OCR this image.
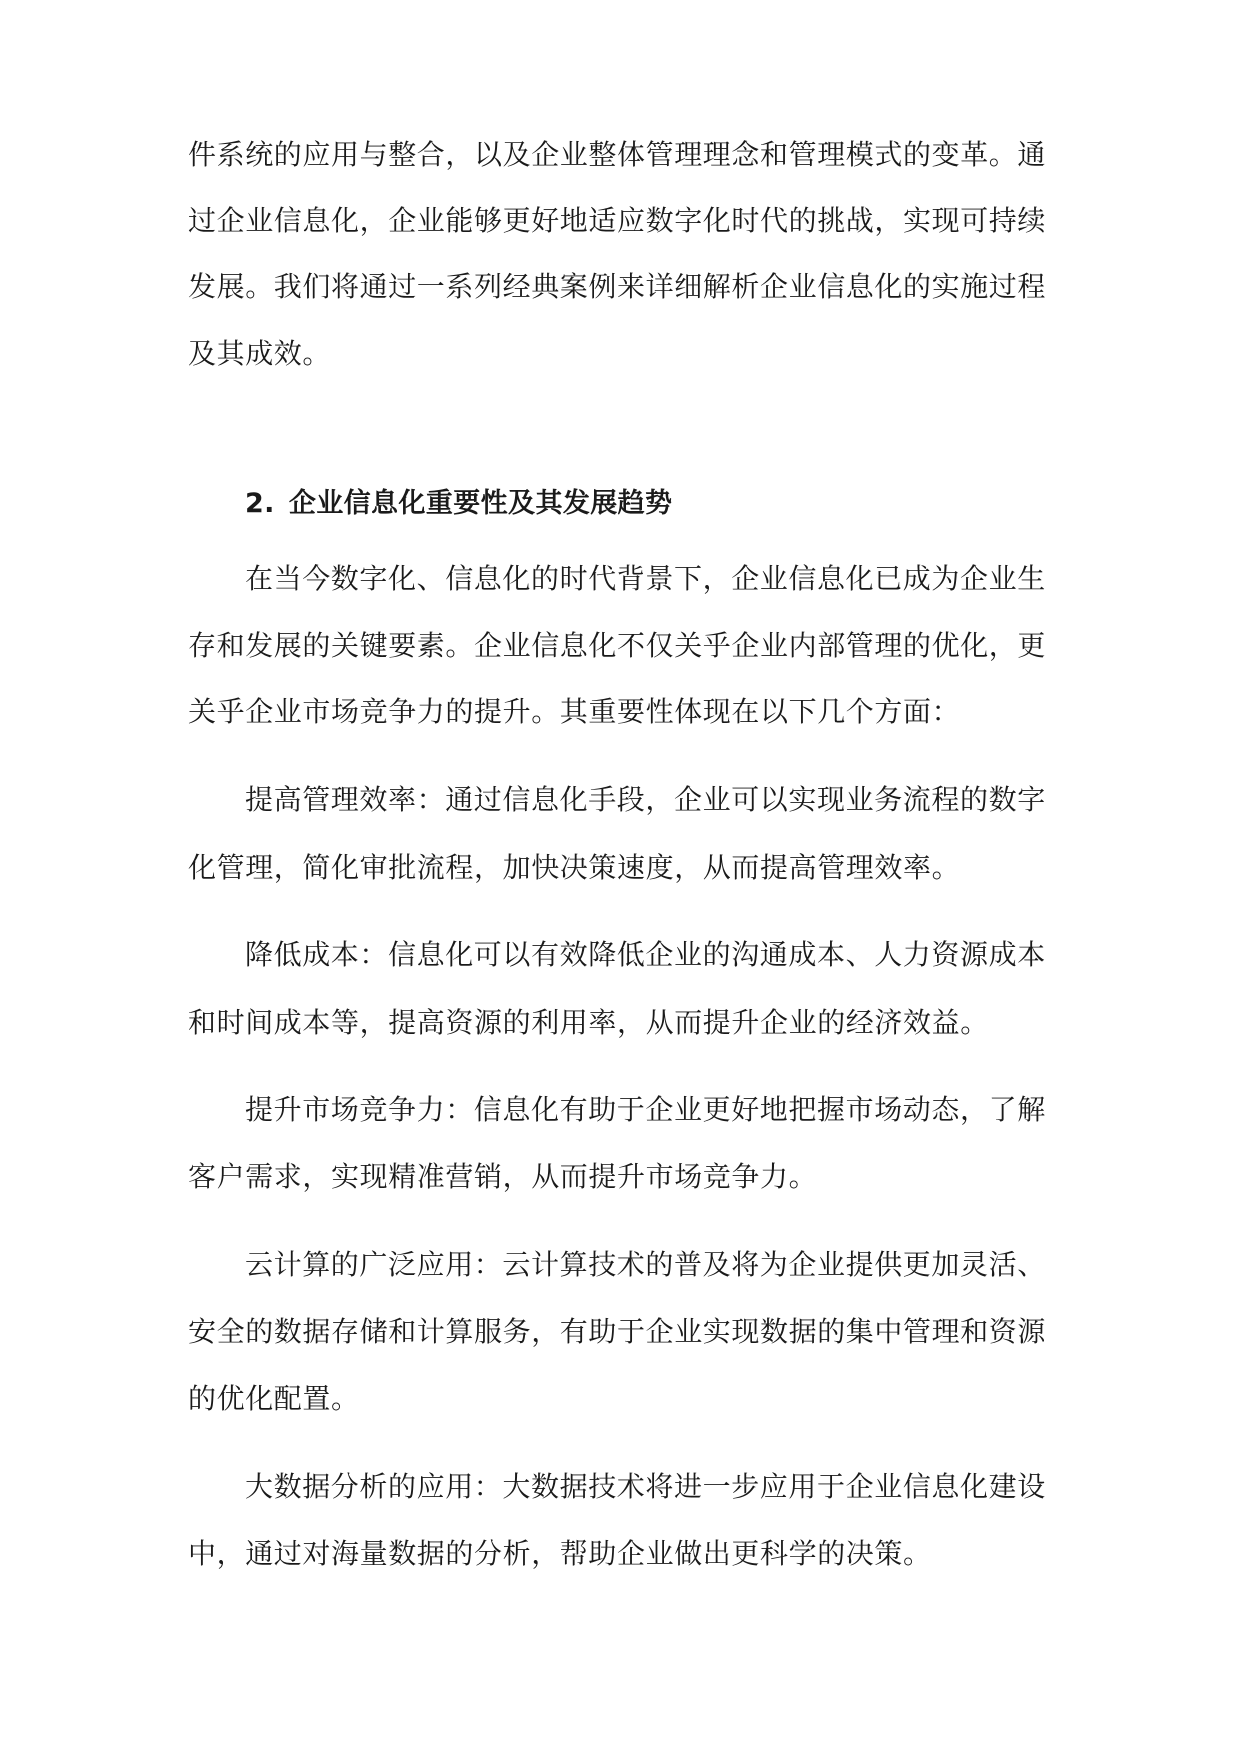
件系统的应用与整合，以及企业整体管理理念和管理模式的变革。通
过企业信息化，企业能够更好地适应数字化时代的挑战，实现可持续
发展。我们将通过一系列经典案例来详细解析企业信息化的实施过程
及其成效。
2. 企业信息化重要性及其发展趋势
在当今数字化、信息化的时代背景下，企业信息化已成为企业生
存和发展的关键要素。企业信息化不仅关乎企业内部管理的优化，更
关乎企业市场竞争力的提升。其重要性体现在以下几个方面：
提高管理效率：通过信息化手段，企业可以实现业务流程的数字
化管理，简化审批流程，加快决策速度，从而提高管理效率。
降低成本：信息化可以有效降低企业的沟通成本、人力资源成本
和时间成本等，提高资源的利用率，从而提升企业的经济效益。
提升市场竞争力：信息化有助于企业更好地把握市场动态，了解
客户需求，实现精准营销，从而提升市场竞争力。
云计算的广泛应用：云计算技术的普及将为企业提供更加灵活、
安全的数据存储和计算服务，有助于企业实现数据的集中管理和资源
的优化配置。
大数据分析的应用：大数据技术将进一步应用于企业信息化建设
中，通过对海量数据的分析，帮助企业做出更科学的决策。
